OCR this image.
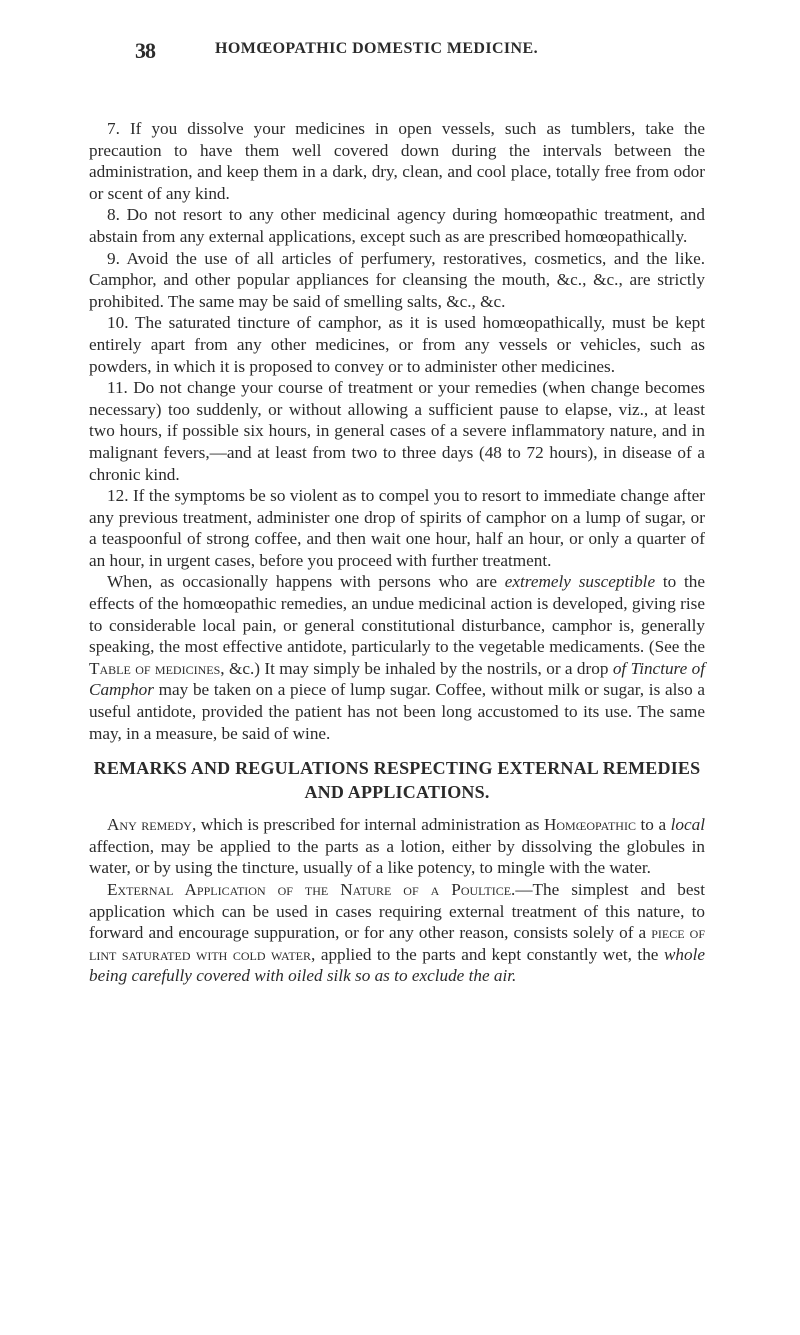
38	HOMŒOPATHIC DOMESTIC MEDICINE.

7. If you dissolve your medicines in open vessels, such as tumblers, take the precaution to have them well covered down during the intervals between the administration, and keep them in a dark, dry, clean, and cool place, totally free from odor or scent of any kind.

8. Do not resort to any other medicinal agency during homœopathic treatment, and abstain from any external applications, except such as are prescribed homœopathically.

9. Avoid the use of all articles of perfumery, restoratives, cosmetics, and the like. Camphor, and other popular appliances for cleansing the mouth, &c., &c., are strictly prohibited. The same may be said of smelling salts, &c., &c.

10. The saturated tincture of camphor, as it is used homœopathically, must be kept entirely apart from any other medicines, or from any vessels or vehicles, such as powders, in which it is proposed to convey or to administer other medicines.

11. Do not change your course of treatment or your remedies (when change becomes necessary) too suddenly, or without allowing a sufficient pause to elapse, viz., at least two hours, if possible six hours, in general cases of a severe inflammatory nature, and in malignant fevers,—and at least from two to three days (48 to 72 hours), in disease of a chronic kind.

12. If the symptoms be so violent as to compel you to resort to immediate change after any previous treatment, administer one drop of spirits of camphor on a lump of sugar, or a teaspoonful of strong coffee, and then wait one hour, half an hour, or only a quarter of an hour, in urgent cases, before you proceed with further treatment.

When, as occasionally happens with persons who are extremely susceptible to the effects of the homœopathic remedies, an undue medicinal action is developed, giving rise to considerable local pain, or general constitutional disturbance, camphor is, generally speaking, the most effective antidote, particularly to the vegetable medicaments. (See the Table of medicines, &c.) It may simply be inhaled by the nostrils, or a drop of Tincture of Camphor may be taken on a piece of lump sugar. Coffee, without milk or sugar, is also a useful antidote, provided the patient has not been long accustomed to its use. The same may, in a measure, be said of wine.

REMARKS AND REGULATIONS RESPECTING EXTERNAL REMEDIES AND APPLICATIONS.

Any remedy, which is prescribed for internal administration as Homœopathic to a local affection, may be applied to the parts as a lotion, either by dissolving the globules in water, or by using the tincture, usually of a like potency, to mingle with the water.

External Application of the Nature of a Poultice.—The simplest and best application which can be used in cases requiring external treatment of this nature, to forward and encourage suppuration, or for any other reason, consists solely of a piece of lint saturated with cold water, applied to the parts and kept constantly wet, the whole being carefully covered with oiled silk so as to exclude the air.
